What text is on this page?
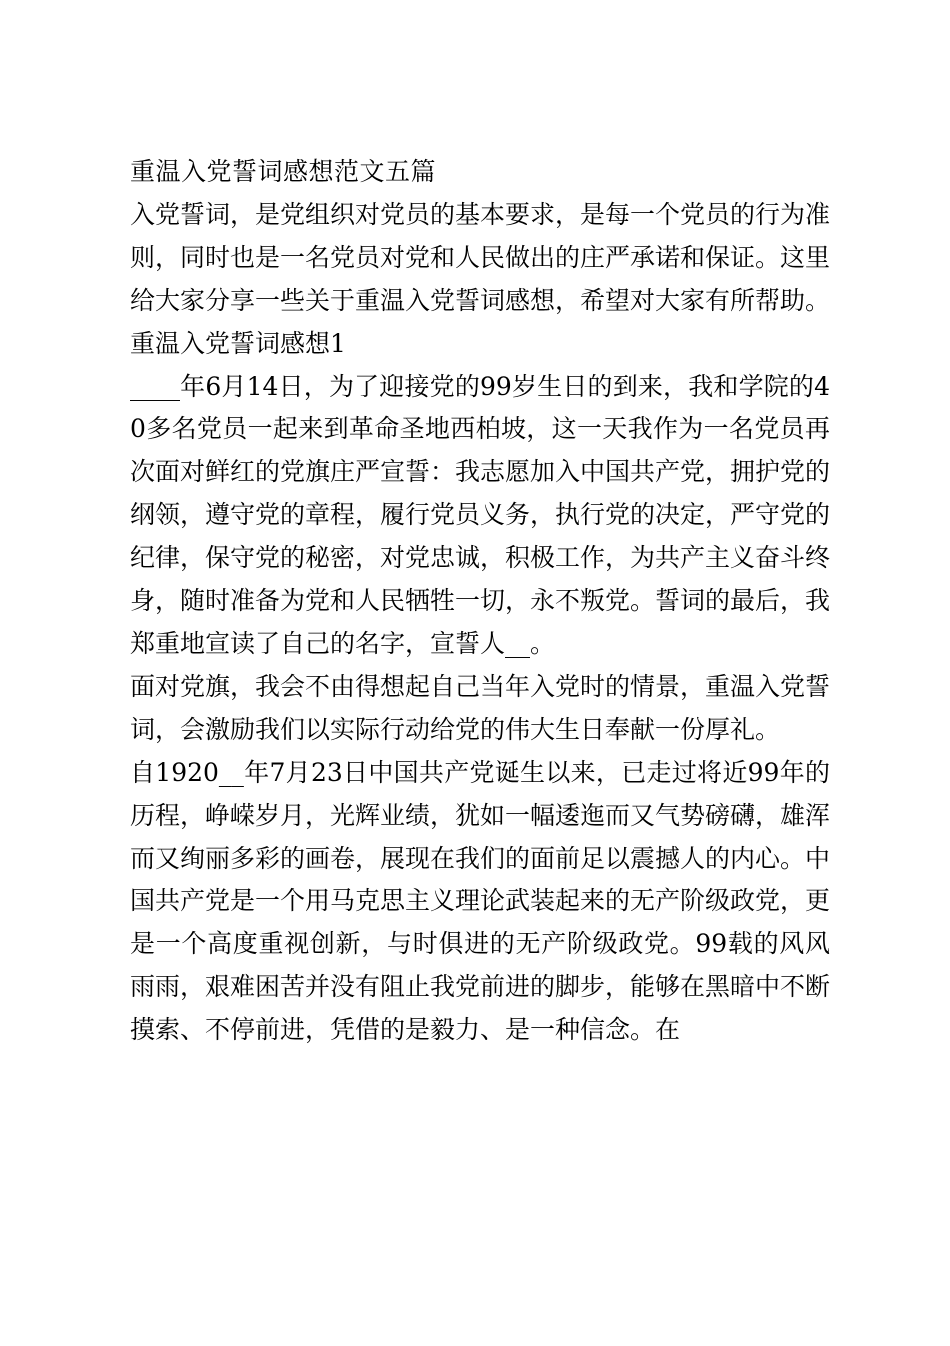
重温入党誓词感想范文五篇

入党誓词，是党组织对党员的基本要求，是每一个党员的行为准则，同时也是一名党员对党和人民做出的庄严承诺和保证。这里给大家分享一些关于重温入党誓词感想，希望对大家有所帮助。

重温入党誓词感想1

____年6月14日，为了迎接党的99岁生日的到来，我和学院的40多名党员一起来到革命圣地西柏坡，这一天我作为一名党员再次面对鲜红的党旗庄严宣誓：我志愿加入中国共产党，拥护党的纲领，遵守党的章程，履行党员义务，执行党的决定，严守党的纪律，保守党的秘密，对党忠诚，积极工作，为共产主义奋斗终身，随时准备为党和人民牺牲一切，永不叛党。誓词的最后，我郑重地宣读了自己的名字，宣誓人__。

面对党旗，我会不由得想起自己当年入党时的情景，重温入党誓词，会激励我们以实际行动给党的伟大生日奉献一份厚礼。

自1920__年7月23日中国共产党诞生以来，已走过将近99年的历程，峥嵘岁月，光辉业绩，犹如一幅逶迤而又气势磅礴，雄浑而又绚丽多彩的画卷，展现在我们的面前足以震撼人的内心。中国共产党是一个用马克思主义理论武装起来的无产阶级政党，更是一个高度重视创新，与时俱进的无产阶级政党。99载的风风雨雨，艰难困苦并没有阻止我党前进的脚步，能够在黑暗中不断摸索、不停前进，凭借的是毅力、是一种信念。在
